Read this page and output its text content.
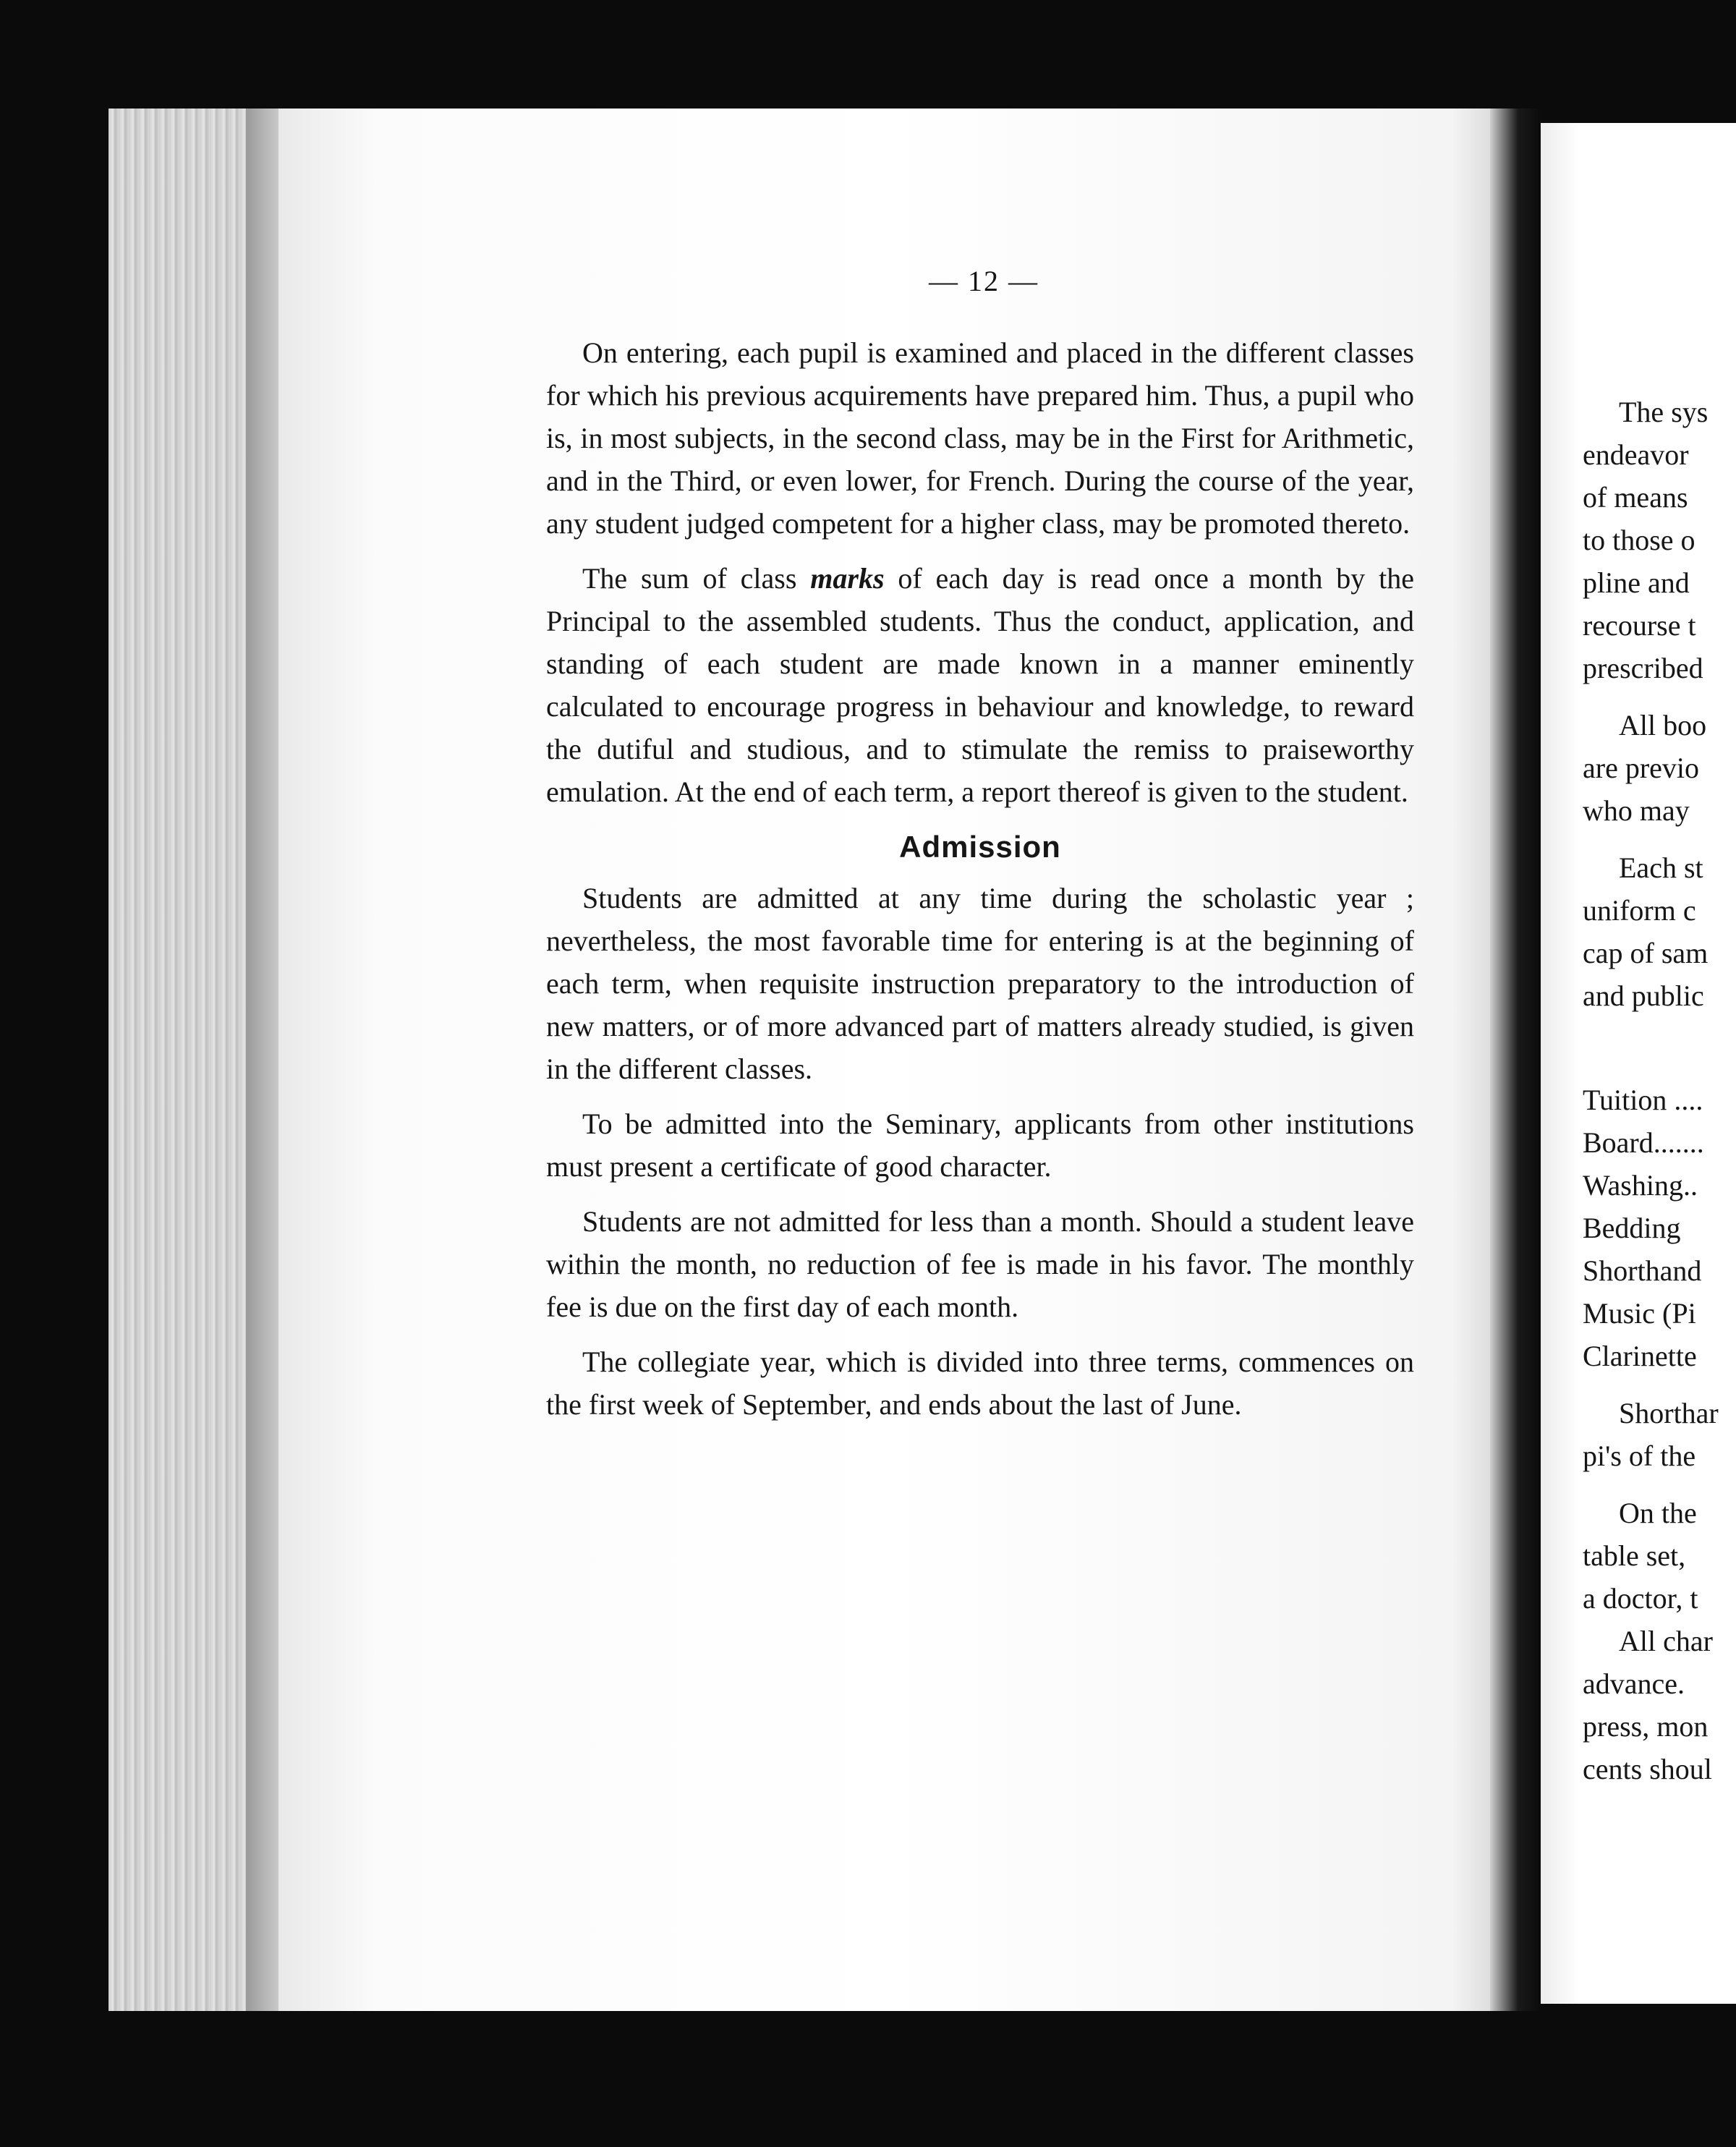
— 12 —

On entering, each pupil is examined and placed in the different classes for which his previous acquirements have prepared him. Thus, a pupil who is, in most subjects, in the second class, may be in the First for Arithmetic, and in the Third, or even lower, for French. During the course of the year, any student judged competent for a higher class, may be promoted thereto.

The sum of class marks of each day is read once a month by the Principal to the assembled students. Thus the conduct, application, and standing of each student are made known in a manner eminently calculated to encourage progress in behaviour and knowledge, to reward the dutiful and studious, and to stimulate the remiss to praiseworthy emulation. At the end of each term, a report thereof is given to the student.

Admission

Students are admitted at any time during the scholastic year ; nevertheless, the most favorable time for entering is at the beginning of each term, when requisite instruction preparatory to the introduction of new matters, or of more advanced part of matters already studied, is given in the different classes.

To be admitted into the Seminary, applicants from other institutions must present a certificate of good character.

Students are not admitted for less than a month. Should a student leave within the month, no reduction of fee is made in his favor. The monthly fee is due on the first day of each month.

The collegiate year, which is divided into three terms, commences on the first week of September, and ends about the last of June.

The sys
endeavor
of means
to those o
pline and
recourse t
prescribed
All boo
are previo
who may
Each st
uniform c
cap of sam
and public
Tuition ....
Board.......
Washing..
Bedding
Shorthand
Music (Pi
Clarinette
Shorthar
pi's of the
On the
table set,
a doctor, t
All char
advance.
press, mon
cents shoul
